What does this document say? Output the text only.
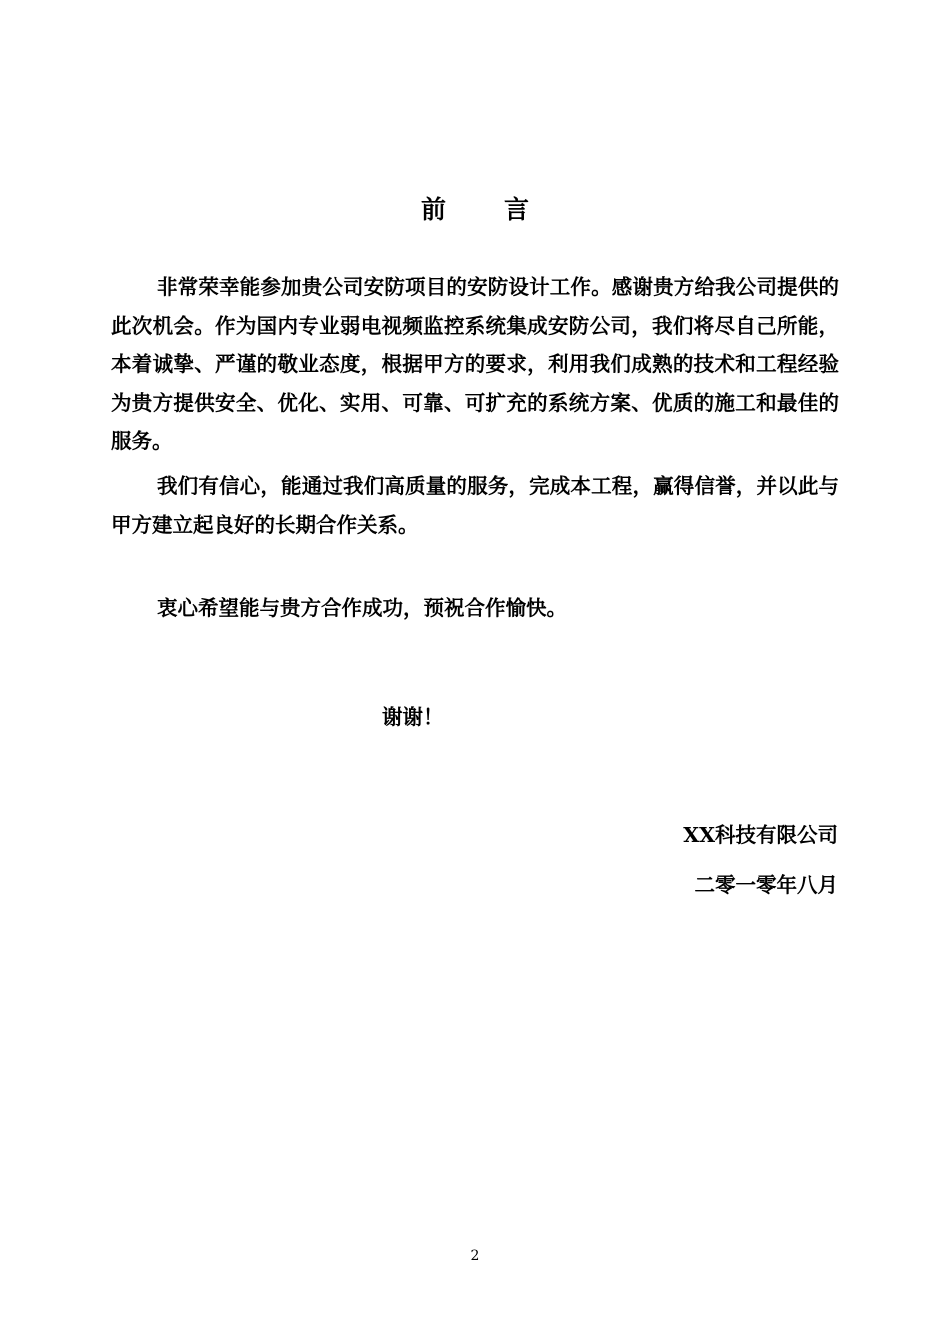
前言
非常荣幸能参加贵公司安防项目的安防设计工作。感谢贵方给我公司提供的此次机会。作为国内专业弱电视频监控系统集成安防公司，我们将尽自己所能，本着诚挚、严谨的敬业态度，根据甲方的要求，利用我们成熟的技术和工程经验为贵方提供安全、优化、实用、可靠、可扩充的系统方案、优质的施工和最佳的服务。
我们有信心，能通过我们高质量的服务，完成本工程，赢得信誉，并以此与甲方建立起良好的长期合作关系。
衷心希望能与贵方合作成功，预祝合作愉快。
谢谢！
XX科技有限公司
二零一零年八月
2
